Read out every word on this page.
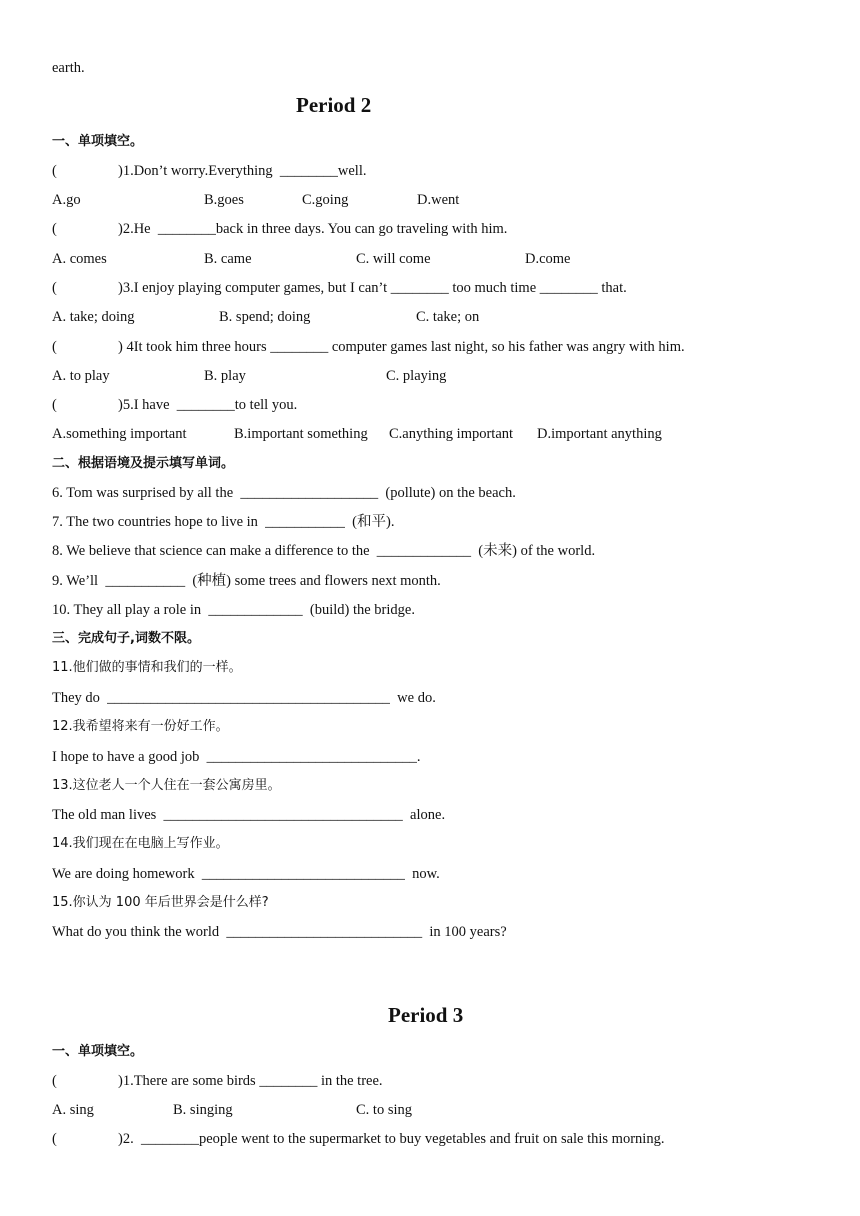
earth.
Period 2
一、单项填空。
(	)1.Don’t worry.Everything  ________well.
A.go	B.goes	C.going	D.went
(	)2.He  ________back in three days. You can go traveling with him.
A. comes	B. came	C. will come	D.come
(	)3.I enjoy playing computer games, but I can’t ________ too much time ________ that.
A. take; doing	B. spend; doing	C. take; on
(	) 4It took him three hours ________ computer games last night, so his father was angry with him.
A. to play	B. play	C. playing
(	)5.I have  ________to tell you.
A.something important	B.important something C.anything important D.important anything
二、根据语境及提示填写单词。
6. Tom was surprised by all the  ___________________  (pollute) on the beach.
7. The two countries hope to live in  ___________  (和平).
8. We believe that science can make a difference to the  _____________  (未来) of the world.
9. We’ll  ___________  (种植) some trees and flowers next month.
10. They all play a role in  _____________  (build) the bridge.
三、完成句子,词数不限。
11.他们做的事情和我们的一样。
They do  _______________________________________  we do.
12.我希望将来有一份好工作。
I hope to have a good job  _____________________________.
13.这位老人一个人住在一套公寓房里。
The old man lives  _________________________________  alone.
14.我们现在在电脑上写作业。
We are doing homework  ____________________________  now.
15.你认为 100 年后世界会是什么样?
What do you think the world  ___________________________  in 100 years?
Period 3
一、单项填空。
(	)1.There are some birds ________ in the tree.
A. sing	B. singing	C. to sing
(	)2.  ________people went to the supermarket to buy vegetables and fruit on sale this morning.
